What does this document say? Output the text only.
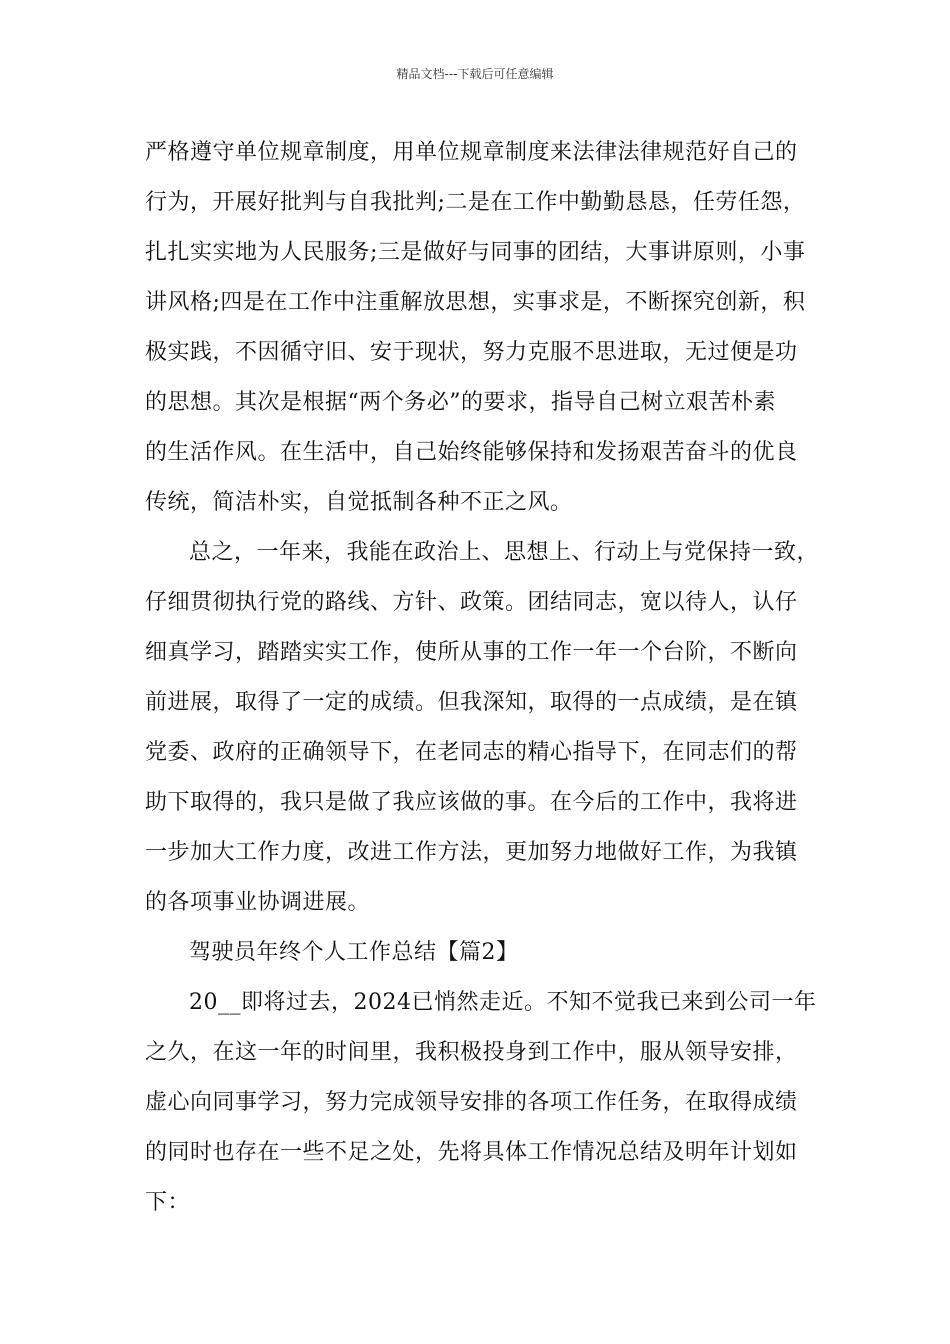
精品文档---下载后可任意编辑
严格遵守单位规章制度，用单位规章制度来法律法律规范好自己的
行为，开展好批判与自我批判;二是在工作中勤勤恳恳，任劳任怨，
扎扎实实地为人民服务;三是做好与同事的团结，大事讲原则，小事
讲风格;四是在工作中注重解放思想，实事求是，不断探究创新，积
极实践，不因循守旧、安于现状，努力克服不思进取，无过便是功
的思想。其次是根据“两个务必”的要求，指导自己树立艰苦朴素
的生活作风。在生活中，自己始终能够保持和发扬艰苦奋斗的优良
传统，简洁朴实，自觉抵制各种不正之风。
总之，一年来，我能在政治上、思想上、行动上与党保持一致，
仔细贯彻执行党的路线、方针、政策。团结同志，宽以待人，认仔
细真学习，踏踏实实工作，使所从事的工作一年一个台阶，不断向
前进展，取得了一定的成绩。但我深知，取得的一点成绩，是在镇
党委、政府的正确领导下，在老同志的精心指导下，在同志们的帮
助下取得的，我只是做了我应该做的事。在今后的工作中，我将进
一步加大工作力度，改进工作方法，更加努力地做好工作，为我镇
的各项事业协调进展。
驾驶员年终个人工作总结【篇2】
20__即将过去，2024已悄然走近。不知不觉我已来到公司一年
之久，在这一年的时间里，我积极投身到工作中，服从领导安排，
虚心向同事学习，努力完成领导安排的各项工作任务，在取得成绩
的同时也存在一些不足之处，先将具体工作情况总结及明年计划如
下：
